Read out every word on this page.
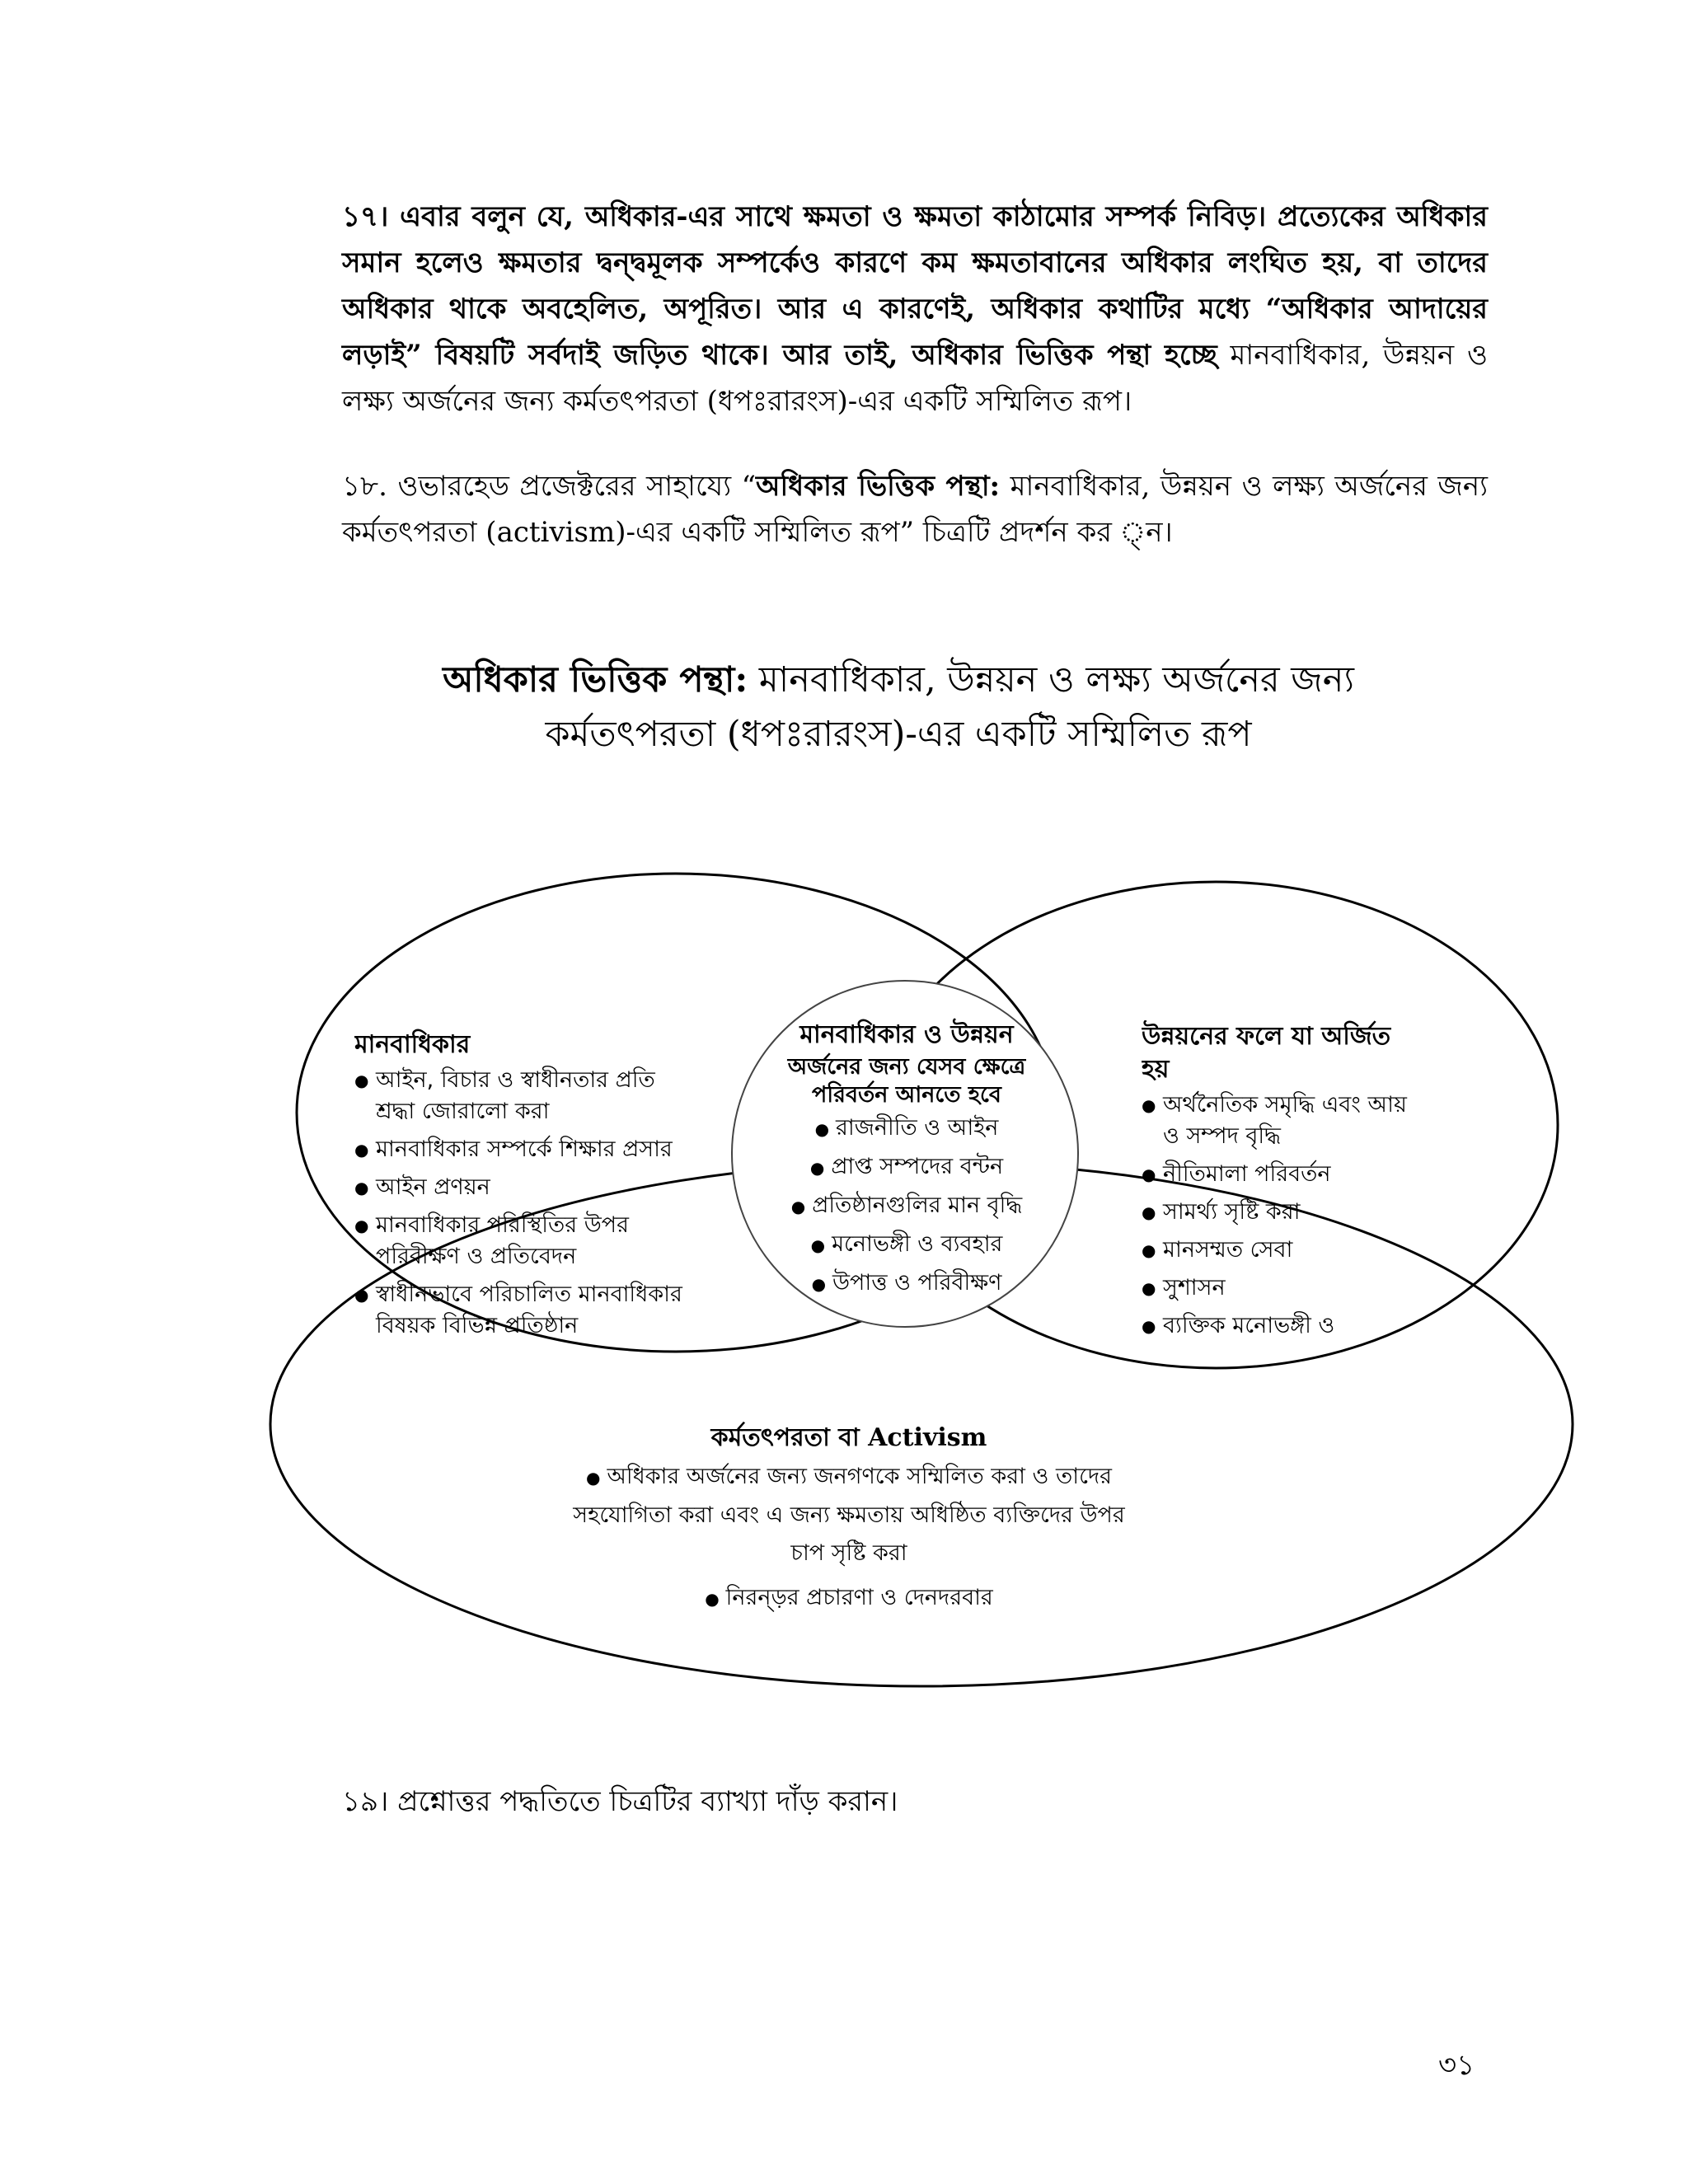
১৭। এবার বলুন যে, অধিকার-এর সাথে ক্ষমতা ও ক্ষমতা কাঠামোর সম্পর্ক নিবিড়। প্রত্যেকের অধিকার সমান হলেও ক্ষমতার দ্বন্দ্বমূলক সম্পর্কেও কারণে কম ক্ষমতাবানের অধিকার লংঘিত হয়, বা তাদের অধিকার থাকে অবহেলিত, অপূরিত। আর এ কারণেই, অধিকার কথাটির মধ্যে “অধিকার আদায়ের লড়াই” বিষয়টি সর্বদাই জড়িত থাকে। আর তাই, অধিকার ভিত্তিক পন্থা হচ্ছে মানবাধিকার, উন্নয়ন ও লক্ষ্য অর্জনের জন্য কর্মতৎপরতা (ধপঃরারংস)-এর একটি সম্মিলিত রূপ।
১৮. ওভারহেড প্রজেক্টরের সাহায্যে “অধিকার ভিত্তিক পন্থা: মানবাধিকার, উন্নয়ন ও লক্ষ্য অর্জনের জন্য কর্মতৎপরতা (activism)-এর একটি সম্মিলিত রূপ” চিত্রটি প্রদর্শন কর ্ন।
অধিকার ভিত্তিক পন্থা: মানবাধিকার, উন্নয়ন ও লক্ষ্য অর্জনের জন্য
কর্মতৎপরতা (ধপঃরারংস)-এর একটি সম্মিলিত রূপ
মানবাধিকার
● আইন, বিচার ও স্বাধীনতার প্রতি শ্রদ্ধা জোরালো করা
● মানবাধিকার সম্পর্কে শিক্ষার প্রসার
● আইন প্রণয়ন
● মানবাধিকার পরিস্থিতির উপর পরিবীক্ষণ ও প্রতিবেদন
● স্বাধীনভাবে পরিচালিত মানবাধিকার বিষয়ক বিভিন্ন প্রতিষ্ঠান
মানবাধিকার ও উন্নয়ন
অর্জনের জন্য যেসব ক্ষেত্রে পরিবর্তন আনতে হবে
● রাজনীতি ও আইন
● প্রাপ্ত সম্পদের বন্টন
● প্রতিষ্ঠানগুলির মান বৃদ্ধি
● মনোভঙ্গী ও ব্যবহার
● উপাত্ত ও পরিবীক্ষণ
উন্নয়নের ফলে যা অর্জিত হয়
● অর্থনৈতিক সমৃদ্ধি এবং আয় ও সম্পদ বৃদ্ধি
● নীতিমালা পরিবর্তন
● সামর্থ্য সৃষ্টি করা
● মানসম্মত সেবা
● সুশাসন
● ব্যক্তিক মনোভঙ্গী ও
কর্মতৎপরতা বা Activism
● অধিকার অর্জনের জন্য জনগণকে সম্মিলিত করা ও তাদের সহযোগিতা করা এবং এ জন্য ক্ষমতায় অধিষ্ঠিত ব্যক্তিদের উপর চাপ সৃষ্টি করা
● নিরন্ড়র প্রচারণা ও দেনদরবার
১৯। প্রশ্নোত্তর পদ্ধতিতে চিত্রটির ব্যাখ্যা দাঁড় করান।
৩১
